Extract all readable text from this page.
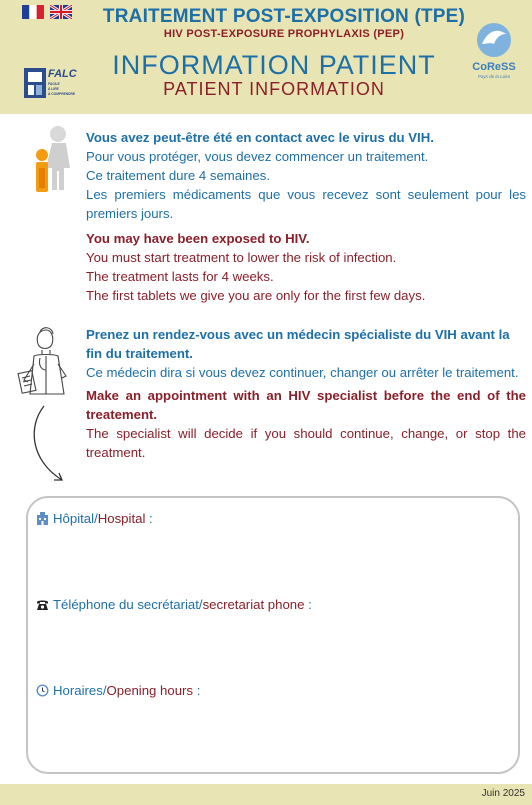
TRAITEMENT POST-EXPOSITION (TPE)
HIV POST-EXPOSURE PROPHYLAXIS (PEP)
INFORMATION PATIENT
PATIENT INFORMATION
FALC
FACILE
À LIRE
À COMPRENDRE
CoReSS
Pays de la Loire
Vous avez peut-être été en contact avec le virus du VIH.
Pour vous protéger, vous devez commencer un traitement.
Ce traitement dure 4 semaines.
Les premiers médicaments que vous recevez sont seulement pour les premiers jours.
You may have been exposed to HIV.
You must start treatment to lower the risk of infection.
The treatment lasts for 4 weeks.
The first tablets we give you are only for the first few days.
Prenez un rendez-vous avec un médecin spécialiste du VIH avant la fin du traitement.
Ce médecin dira si vous devez continuer, changer ou arrêter le traitement.
Make an appointment with an HIV specialist before the end of the treatement.
The specialist will decide if you should continue, change, or stop the treatment.
Hôpital/Hospital :
Téléphone du secrétariat/secretariat phone :
Horaires/Opening hours :
Juin 2025
